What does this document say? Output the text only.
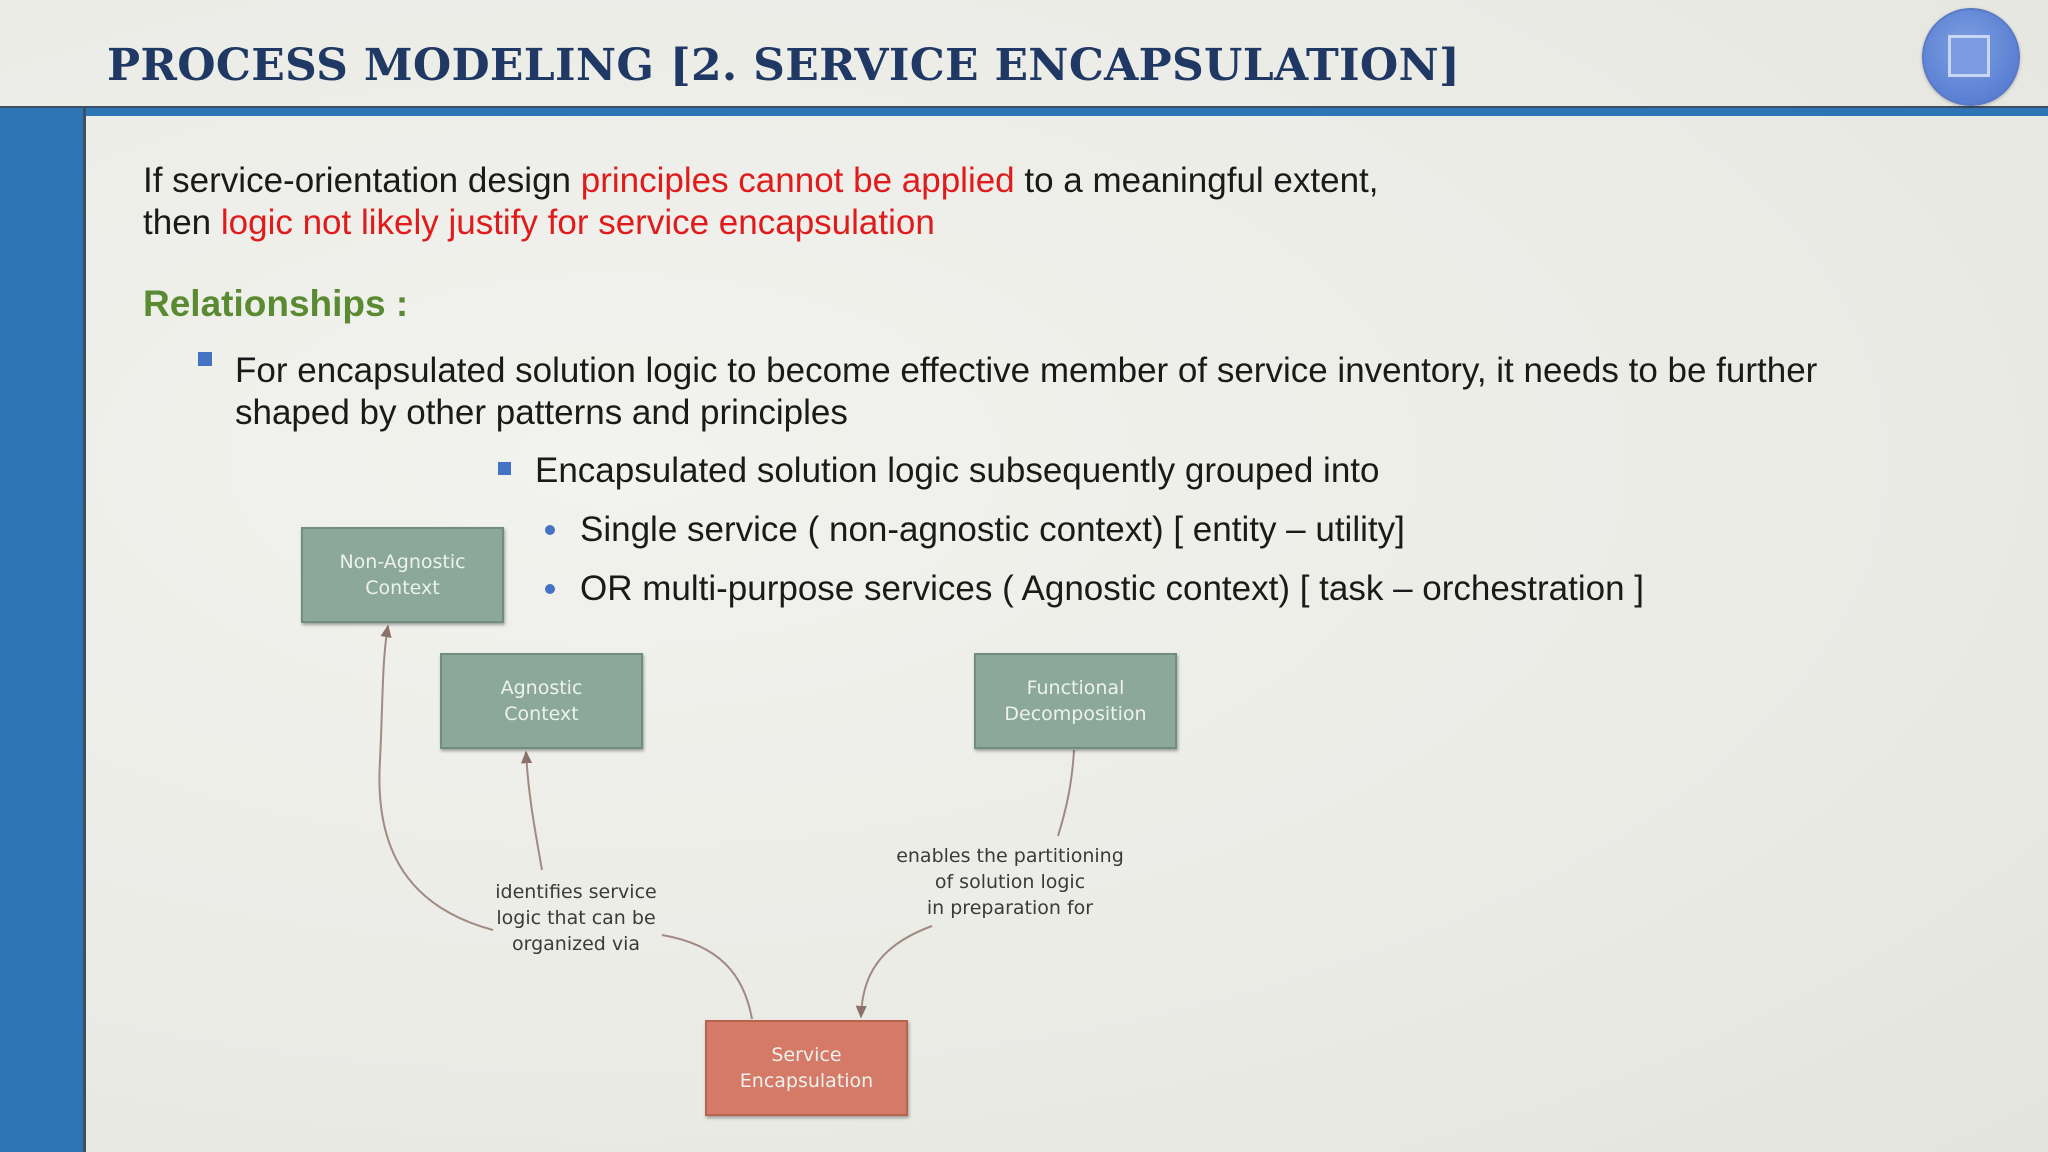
PROCESS MODELING [2. SERVICE ENCAPSULATION]
If service-orientation design principles cannot be applied to a meaningful extent,
then logic not likely justify for service encapsulation
Relationships :
For encapsulated solution logic to become effective member of service inventory, it needs to be further
shaped by other patterns and principles
Encapsulated solution logic subsequently grouped into
Single service ( non-agnostic context) [ entity – utility]
OR multi-purpose services ( Agnostic context) [ task – orchestration ]
Non-Agnostic
Context
Agnostic
Context
Functional
Decomposition
Service
Encapsulation
identifies service
logic that can be
organized via
enables the partitioning
of solution logic
in preparation for
